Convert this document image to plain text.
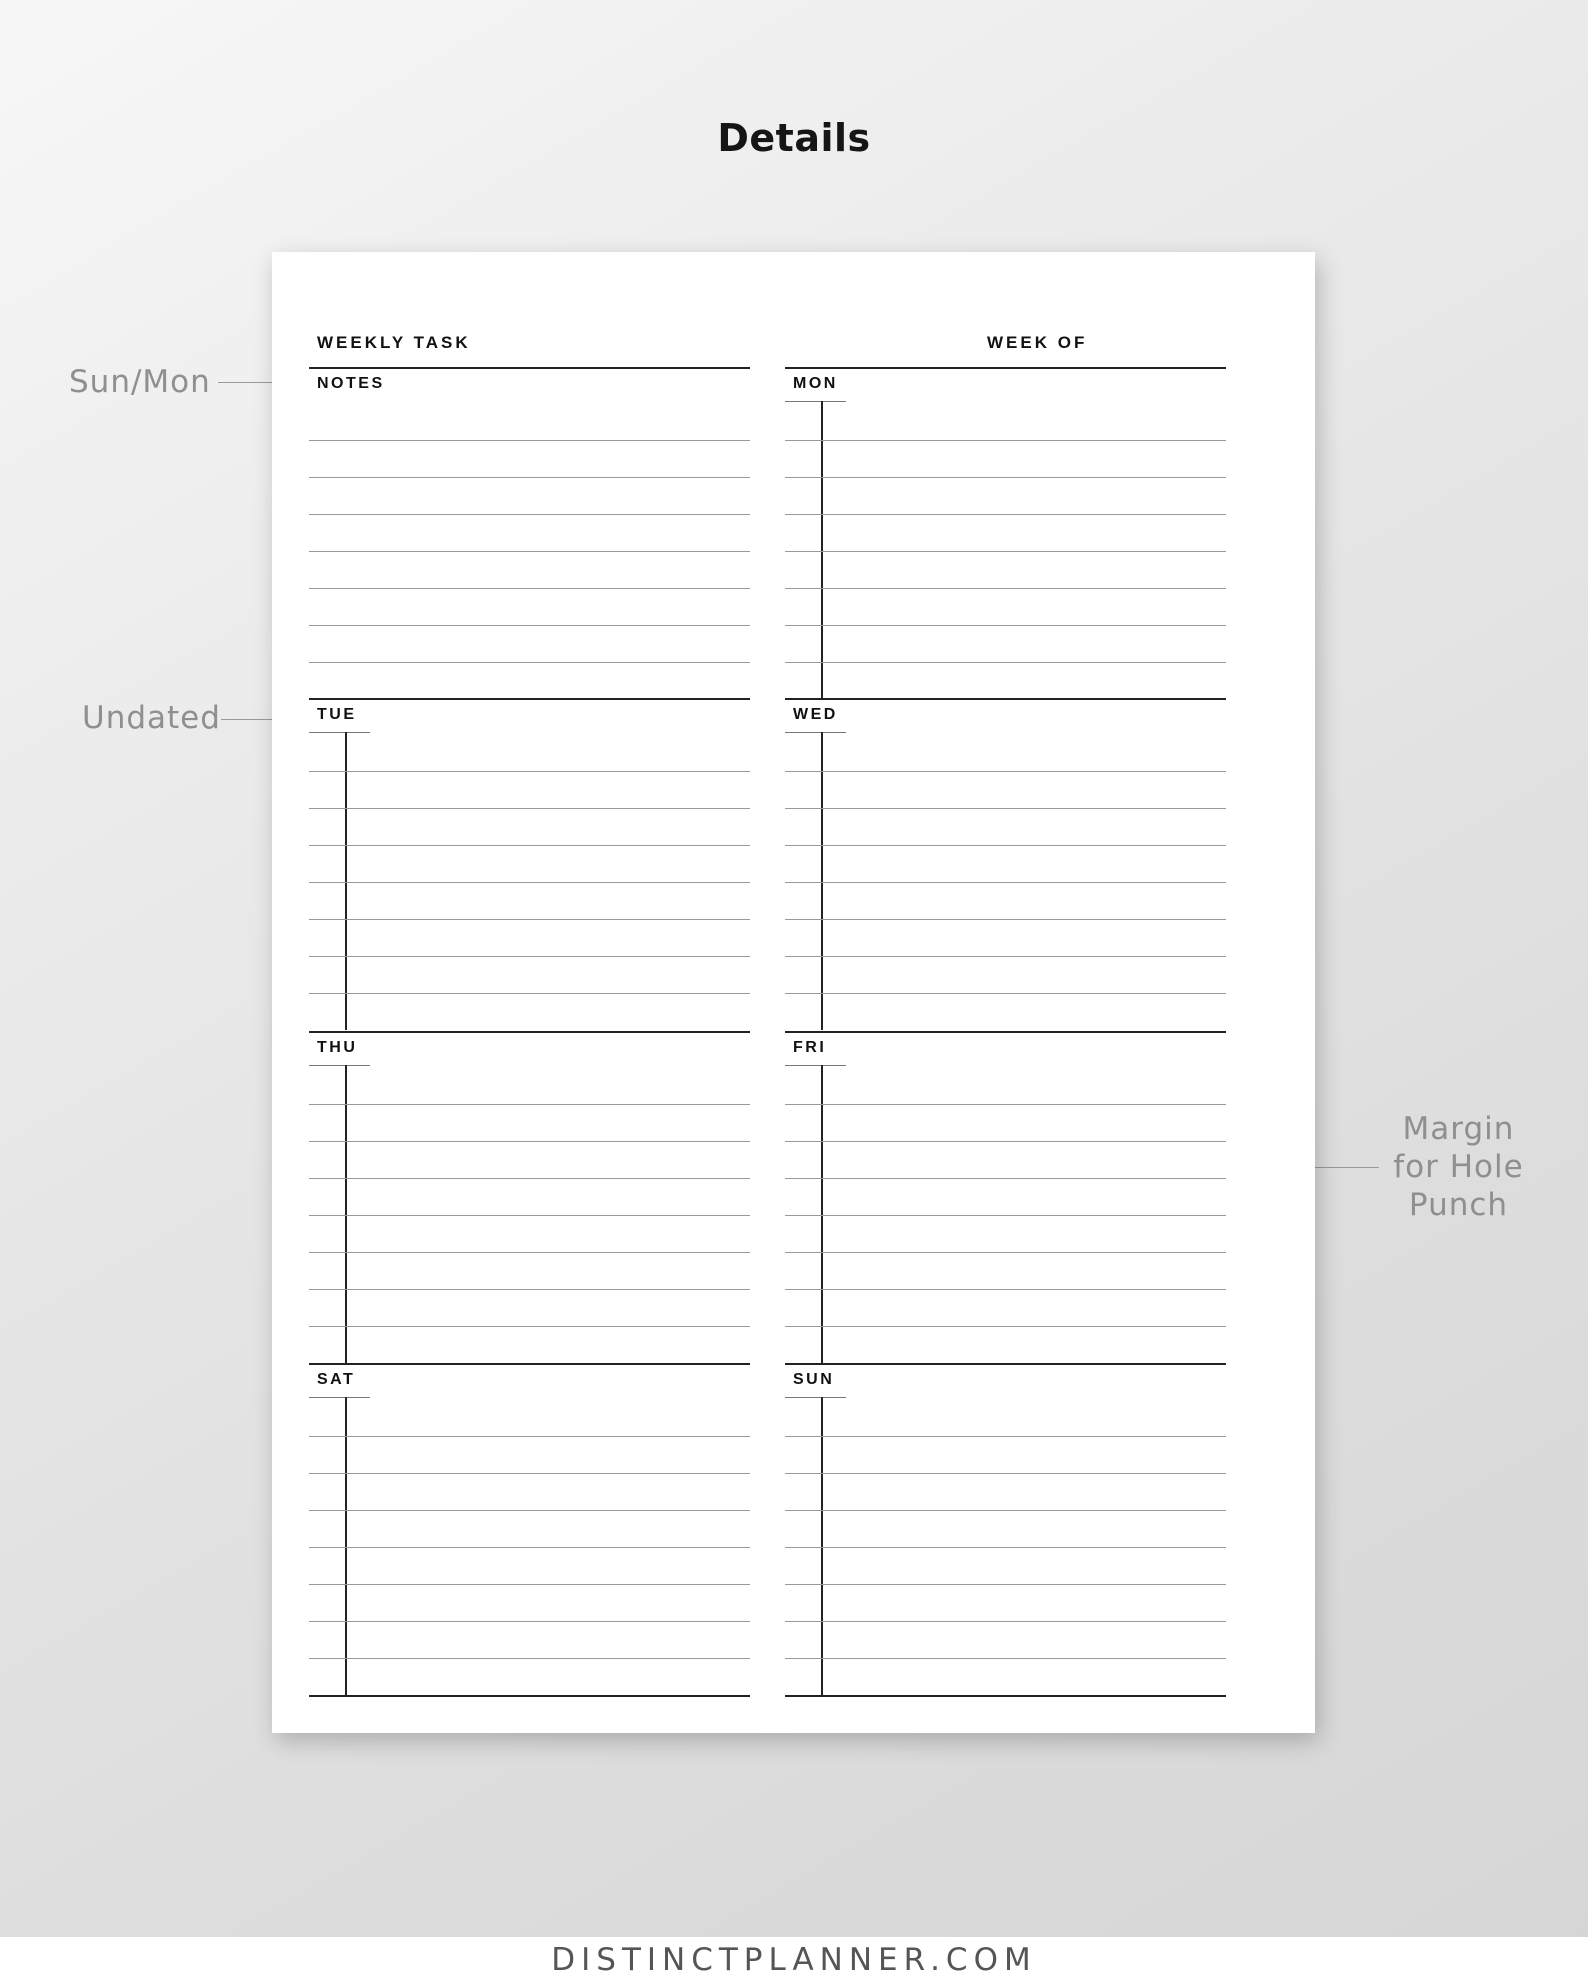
Details
Sun/Mon
Undated
Margin
for Hole
Punch
WEEKLY TASK	WEEK OF
NOTES	MON
TUE	WED
THU	FRI
SAT	SUN
DISTINCTPLANNER.COM
